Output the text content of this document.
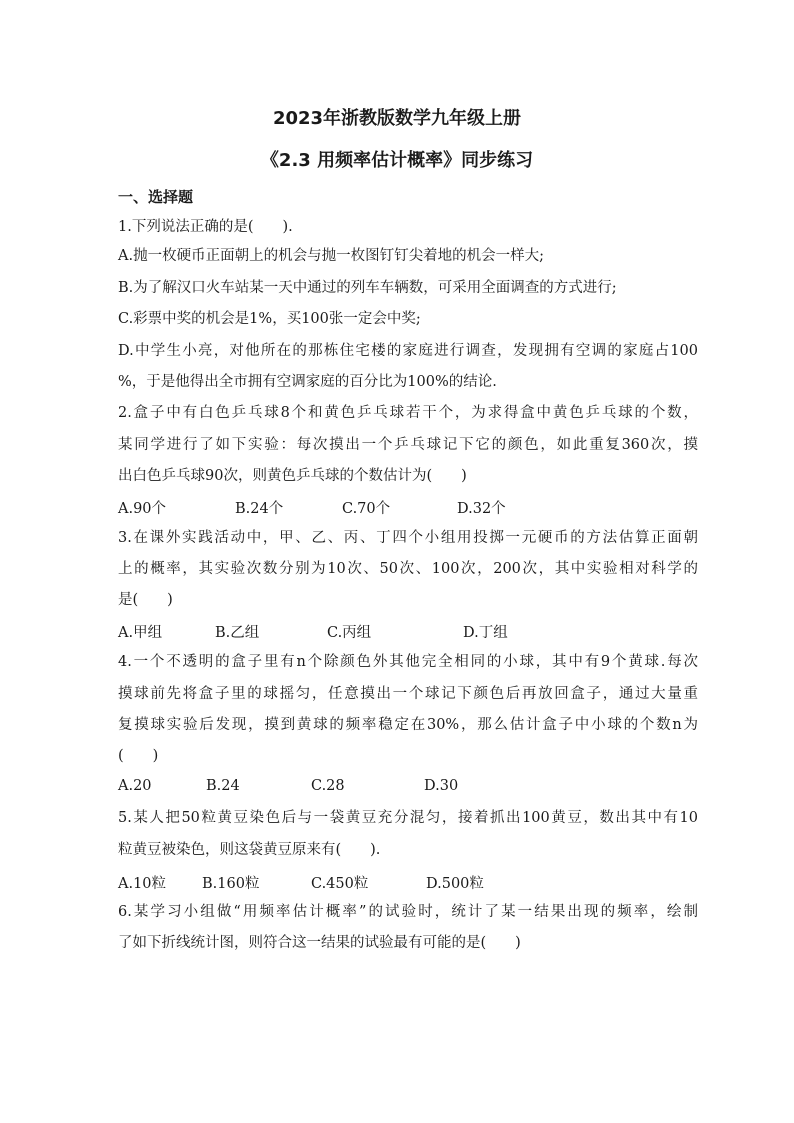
2023年浙教版数学九年级上册
《2.3 用频率估计概率》同步练习
一、选择题
1.下列说法正确的是(　　).
A.抛一枚硬币正面朝上的机会与抛一枚图钉钉尖着地的机会一样大;
B.为了解汉口火车站某一天中通过的列车车辆数，可采用全面调查的方式进行;
C.彩票中奖的机会是1%，买100张一定会中奖;
D.中学生小亮，对他所在的那栋住宅楼的家庭进行调查，发现拥有空调的家庭占100
%，于是他得出全市拥有空调家庭的百分比为100%的结论.
2.盒子中有白色乒乓球8个和黄色乒乓球若干个，为求得盒中黄色乒乓球的个数，
某同学进行了如下实验：每次摸出一个乒乓球记下它的颜色，如此重复360次，摸
出白色乒乓球90次，则黄色乒乓球的个数估计为(　　)
A.90个	B.24个	C.70个	D.32个
3.在课外实践活动中，甲、乙、丙、丁四个小组用投掷一元硬币的方法估算正面朝
上的概率，其实验次数分别为10次、50次、100次，200次，其中实验相对科学的
是(　　)
A.甲组	B.乙组	C.丙组	D.丁组
4.一个不透明的盒子里有n个除颜色外其他完全相同的小球，其中有9个黄球.每次
摸球前先将盒子里的球摇匀，任意摸出一个球记下颜色后再放回盒子，通过大量重
复摸球实验后发现，摸到黄球的频率稳定在30%，那么估计盒子中小球的个数n为
(　　)
A.20	B.24	C.28	D.30
5.某人把50粒黄豆染色后与一袋黄豆充分混匀，接着抓出100黄豆，数出其中有10
粒黄豆被染色，则这袋黄豆原来有(　　).
A.10粒 B.160粒	C.450粒	D.500粒
6.某学习小组做“用频率估计概率”的试验时，统计了某一结果出现的频率，绘制
了如下折线统计图，则符合这一结果的试验最有可能的是(　　)
